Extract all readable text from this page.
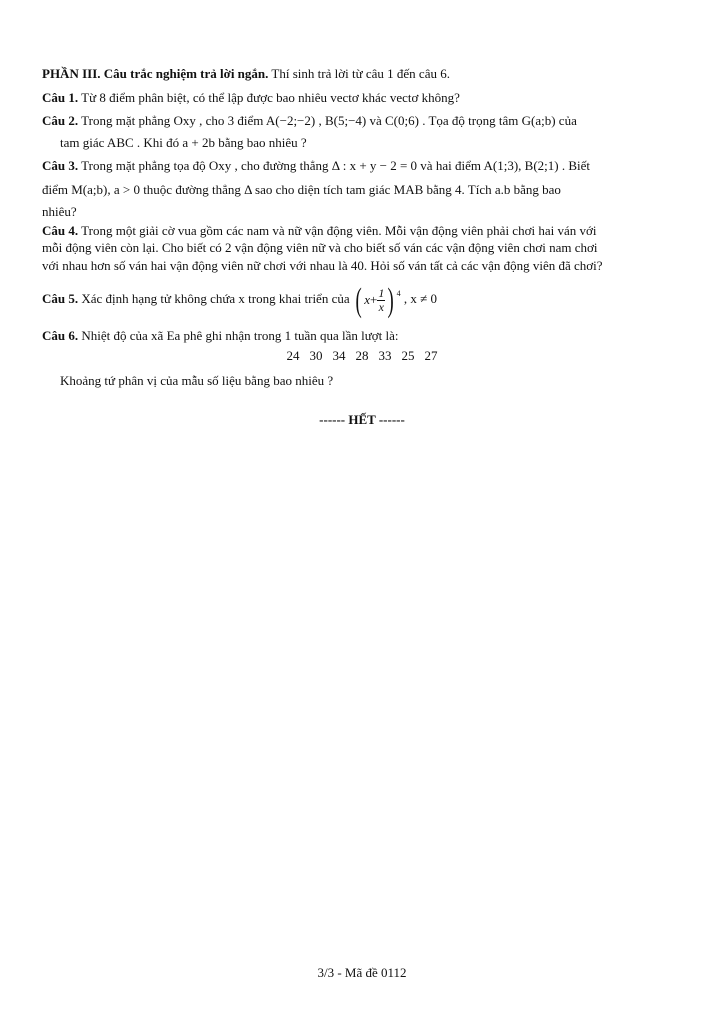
PHẦN III. Câu trắc nghiệm trả lời ngắn. Thí sinh trả lời từ câu 1 đến câu 6.
Câu 1. Từ 8 điểm phân biệt, có thể lập được bao nhiêu vectơ khác vectơ không?
Câu 2. Trong mặt phẳng Oxy , cho 3 điểm A(−2;−2) , B(5;−4) và C(0;6) . Tọa độ trọng tâm G(a;b) của
tam giác ABC . Khi đó a + 2b bằng bao nhiêu ?
Câu 3. Trong mặt phẳng tọa độ Oxy , cho đường thẳng Δ : x + y − 2 = 0 và hai điểm A(1;3), B(2;1) . Biết
điểm M(a;b), a > 0 thuộc đường thẳng Δ sao cho diện tích tam giác MAB bằng 4. Tích a.b bằng bao
nhiêu?
Câu 4. Trong một giải cờ vua gồm các nam và nữ vận động viên. Mỗi vận động viên phải chơi hai ván với
mỗi động viên còn lại. Cho biết có 2 vận động viên nữ và cho biết số ván các vận động viên chơi nam chơi
với nhau hơn số ván hai vận động viên nữ chơi với nhau là 40. Hỏi số ván tất cả các vận động viên đã chơi?
Câu 5. Xác định hạng tử không chứa x trong khai triển của ( $x+ \frac{1}{x}$ ) $^4$ , x ≠ 0
Câu 6. Nhiệt độ của xã Ea phê ghi nhận trong 1 tuần qua lần lượt là:
24 30 34 28 33 25 27
Khoảng tứ phân vị của mẫu số liệu bằng bao nhiêu ?
------ HẾT ------
3/3 - Mã đề 0112
